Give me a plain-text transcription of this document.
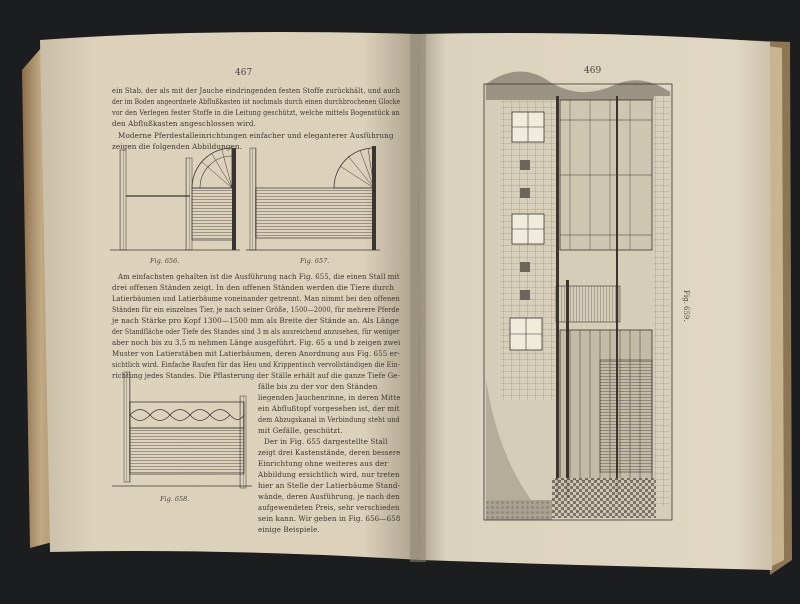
467
ein Stab, der als mit der Jauche eindringenden festen Stoffe zurückhält, und auch
der im Boden angeordnete Abflußkasten ist nochmals durch einen durchbrochenen Glocke
vor den Verlegen fester Stoffe in die Leitung geschützt, welche mittels Bogenstück an
den Abflußkasten angeschlossen wird.
Moderne Pferdestalleinrichtungen einfacher und eleganterer Ausführung
zeigen die folgenden Abbildungen.
Fig. 656.	Fig. 657.
Am einfachsten gehalten ist die Ausführung nach Fig. 655, die einen Stall mit
drei offenen Ständen zeigt. In den offenen Ständen werden die Tiere durch
Latierbäumen und Latierbäume voneinander getrennt. Man nimmt bei den offenen
Ständen für ein einzelnes Tier, je nach seiner Größe, 1500—2000, für mehrere Pferde
je nach Stärke pro Kopf 1300—1500 mm als Breite der Stände an. Als Länge
der Standfläche oder Tiefe des Standes sind 3 m als ausreichend anzusehen, für weniger
aber noch bis zu 3,5 m nehmen Länge ausgeführt. Fig. 65 a und b zeigen zwei
Muster von Latierstäben mit Latierbäumen, deren Anordnung aus Fig. 655 er-
sichtlich wird. Einfache Raufen für das Heu und Krippentisch vervollständigen die Ein-
richtung jedes Standes. Die Pflasterung der Ställe erhält auf die ganze Tiefe Ge-
fälle bis zu der vor den Ständen
liegenden Jauchenrinne, in deren Mitte
ein Abflußtopf vorgesehen ist, der mit
dem Abzugskanal in Verbindung steht und
mit Gefälle, geschützt.
Der in Fig. 655 dargestellte Stall
zeigt drei Kastenstände, deren bessere
Einrichtung ohne weiteres aus der
Abbildung ersichtlich wird, nur treten
hier an Stelle der Latierbäume Stand-
wände, deren Ausführung, je nach den
aufgewendeten Preis, sehr verschieden
sein kann. Wir geben in Fig. 656—658
einige Beispiele.
Fig. 658.
469
Fig. 659.
